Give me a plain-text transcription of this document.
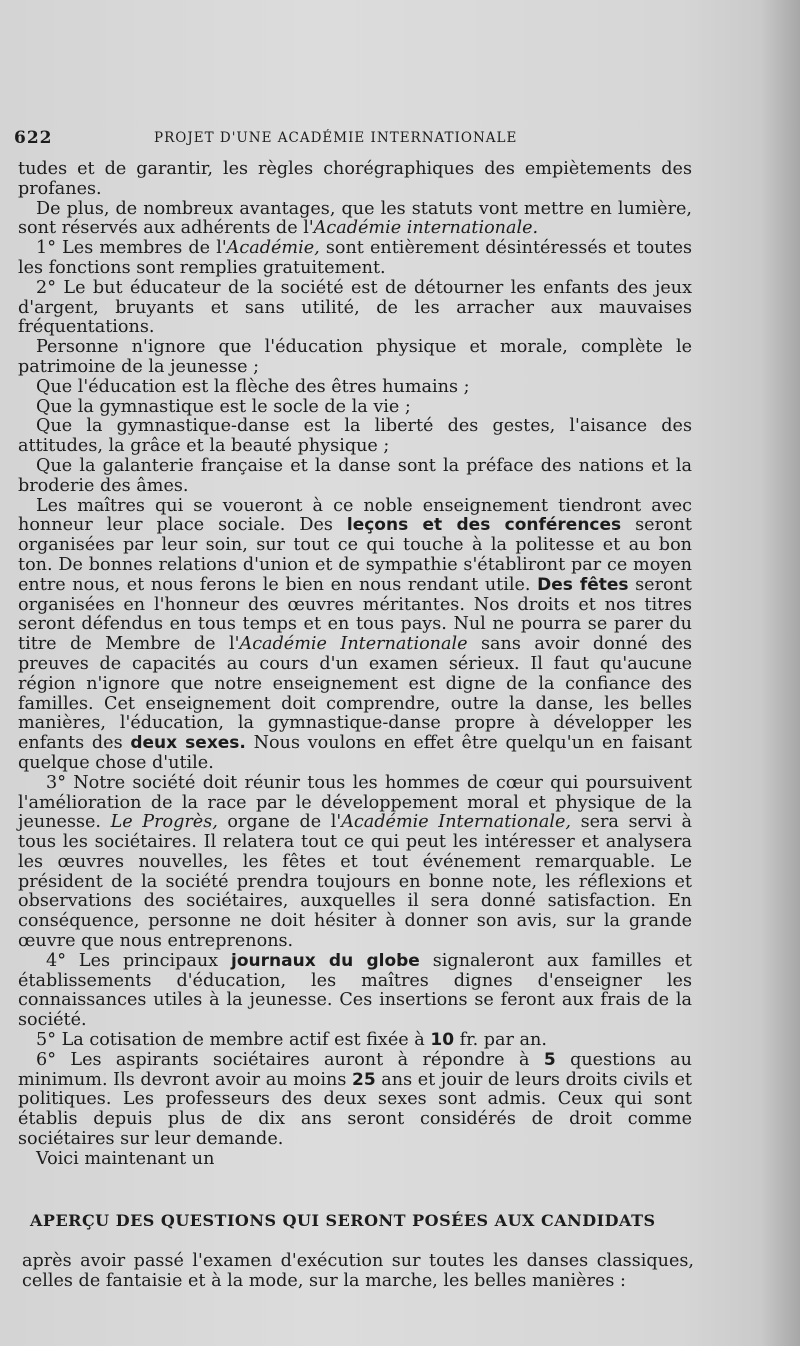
622	PROJET D'UNE ACADÉMIE INTERNATIONALE

tudes et de garantir, les règles chorégraphiques des empiètements des profanes.

De plus, de nombreux avantages, que les statuts vont mettre en lumière, sont réservés aux adhérents de l'Académie internationale.

1° Les membres de l'Académie, sont entièrement désintéressés et toutes les fonctions sont remplies gratuitement.

2° Le but éducateur de la société est de détourner les enfants des jeux d'argent, bruyants et sans utilité, de les arracher aux mauvaises fréquentations.

Personne n'ignore que l'éducation physique et morale, complète le patrimoine de la jeunesse ;

Que l'éducation est la flèche des êtres humains ;

Que la gymnastique est le socle de la vie ;

Que la gymnastique-danse est la liberté des gestes, l'aisance des attitudes, la grâce et la beauté physique ;

Que la galanterie française et la danse sont la préface des nations et la broderie des âmes.

Les maîtres qui se voueront à ce noble enseignement tiendront avec honneur leur place sociale. Des leçons et des conférences seront organisées par leur soin, sur tout ce qui touche à la politesse et au bon ton. De bonnes relations d'union et de sympathie s'établiront par ce moyen entre nous, et nous ferons le bien en nous rendant utile. Des fêtes seront organisées en l'honneur des œuvres méritantes. Nos droits et nos titres seront défendus en tous temps et en tous pays. Nul ne pourra se parer du titre de Membre de l'Académie Internationale sans avoir donné des preuves de capacités au cours d'un examen sérieux. Il faut qu'aucune région n'ignore que notre enseignement est digne de la confiance des familles. Cet enseignement doit comprendre, outre la danse, les belles manières, l'éducation, la gymnastique-danse propre à développer les enfants des deux sexes. Nous voulons en effet être quelqu'un en faisant quelque chose d'utile.

3° Notre société doit réunir tous les hommes de cœur qui poursuivent l'amélioration de la race par le développement moral et physique de la jeunesse. Le Progrès, organe de l'Académie Internationale, sera servi à tous les sociétaires. Il relatera tout ce qui peut les intéresser et analysera les œuvres nouvelles, les fêtes et tout événement remarquable. Le président de la société prendra toujours en bonne note, les réflexions et observations des sociétaires, auxquelles il sera donné satisfaction. En conséquence, personne ne doit hésiter à donner son avis, sur la grande œuvre que nous entreprenons.

4° Les principaux journaux du globe signaleront aux familles et établissements d'éducation, les maîtres dignes d'enseigner les connaissances utiles à la jeunesse. Ces insertions se feront aux frais de la société.

5° La cotisation de membre actif est fixée à 10 fr. par an.

6° Les aspirants sociétaires auront à répondre à 5 questions au minimum. Ils devront avoir au moins 25 ans et jouir de leurs droits civils et politiques. Les professeurs des deux sexes sont admis. Ceux qui sont établis depuis plus de dix ans seront considérés de droit comme sociétaires sur leur demande.

Voici maintenant un

APERÇU DES QUESTIONS QUI SERONT POSÉES AUX CANDIDATS
après avoir passé l'examen d'exécution sur toutes les danses classiques, celles de fantaisie et à la mode, sur la marche, les belles manières :
